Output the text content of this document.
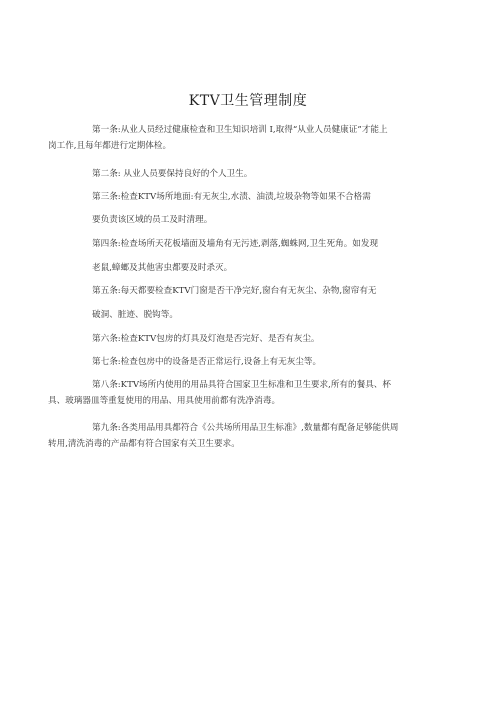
KTV卫生管理制度
第一条:从业人员经过健康检查和卫生知识培训 I,取得“从业人员健康证”才能上
岗工作,且每年都进行定期体检。
第二条: 从业人员要保持良好的个人卫生。
第三条:检查KTV场所地面:有无灰尘,水渍、油渍,垃圾杂物等如果不合格需
要负责该区域的员工及时清理。
第四条:检查场所天花板墙面及墙角有无污迹,剥落,蜘蛛网,卫生死角。如发现
老鼠,蟑螂及其他害虫都要及时杀灭。
第五条:每天都要检查KTV门窗是否干净完好,窗台有无灰尘、杂物,窗帘有无
破洞、脏迹、脱钩等。
第六条:检查KTV包房的灯具及灯泡是否完好、是否有灰尘。
第七条:检查包房中的设备是否正常运行,设备上有无灰尘等。
第八条:KTV场所内使用的用品具符合国家卫生标准和卫生要求,所有的餐具、杯
具、玻璃器皿等重复使用的用品、用具使用前都有洗净消毒。
第九条:各类用品用具都符合《公共场所用品卫生标准》,数量都有配备足够能供周
转用,清洗消毒的产品都有符合国家有关卫生要求。
